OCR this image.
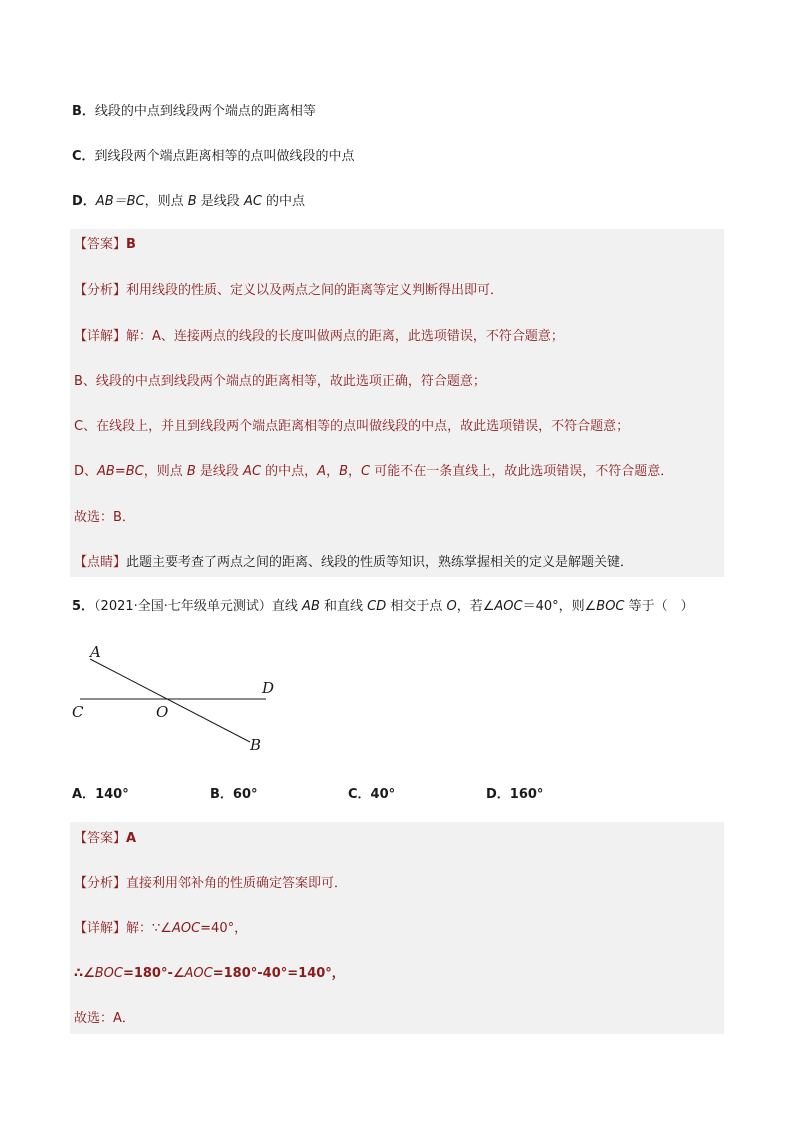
B．线段的中点到线段两个端点的距离相等
C．到线段两个端点距离相等的点叫做线段的中点
D．AB＝BC，则点 B 是线段 AC 的中点
【答案】B
【分析】利用线段的性质、定义以及两点之间的距离等定义判断得出即可．
【详解】解：A、连接两点的线段的长度叫做两点的距离，此选项错误，不符合题意；
B、线段的中点到线段两个端点的距离相等，故此选项正确，符合题意；
C、在线段上，并且到线段两个端点距离相等的点叫做线段的中点，故此选项错误，不符合题意；
D、AB=BC，则点 B 是线段 AC 的中点，A，B，C 可能不在一条直线上，故此选项错误，不符合题意．
故选：B．
【点睛】此题主要考查了两点之间的距离、线段的性质等知识，熟练掌握相关的定义是解题关键．
5．（2021·全国·七年级单元测试）直线 AB 和直线 CD 相交于点 O，若∠AOC＝40°，则∠BOC 等于（　）
A
D
C	O
B
A．140°	B．60°	C．40°	D．160°
【答案】A
【分析】直接利用邻补角的性质确定答案即可．
【详解】解：∵∠AOC=40°，
∴∠BOC=180°-∠AOC=180°-40°=140°，
故选：A．
